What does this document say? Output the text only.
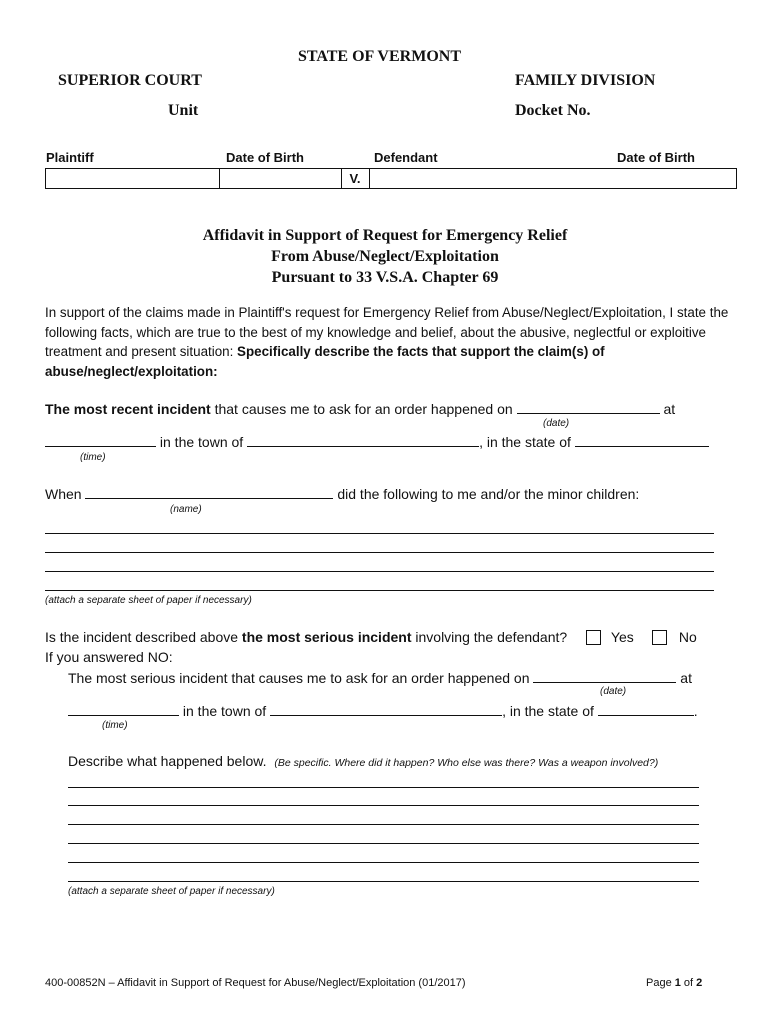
STATE OF VERMONT
SUPERIOR COURT	FAMILY DIVISION
Unit	Docket No.
Plaintiff	Date of Birth	Defendant	Date of Birth
V.
Affidavit in Support of Request for Emergency Relief
From Abuse/Neglect/Exploitation
Pursuant to 33 V.S.A. Chapter 69
In support of the claims made in Plaintiff's request for Emergency Relief from Abuse/Neglect/Exploitation, I state the following facts, which are true to the best of my knowledge and belief, about the abusive, neglectful or exploitive treatment and present situation: Specifically describe the facts that support the claim(s) of abuse/neglect/exploitation:
The most recent incident that causes me to ask for an order happened on	at
(date)
in the town of	, in the state of
(time)
When	did the following to me and/or the minor children:
(name)
(attach a separate sheet of paper if necessary)
Is the incident described above the most serious incident involving the defendant?	Yes	No
If you answered NO:
The most serious incident that causes me to ask for an order happened on	at
(date)
in the town of	, in the state of	.
(time)
Describe what happened below. (Be specific. Where did it happen? Who else was there? Was a weapon involved?)
(attach a separate sheet of paper if necessary)
400-00852N – Affidavit in Support of Request for Abuse/Neglect/Exploitation (01/2017)	Page 1 of 2
